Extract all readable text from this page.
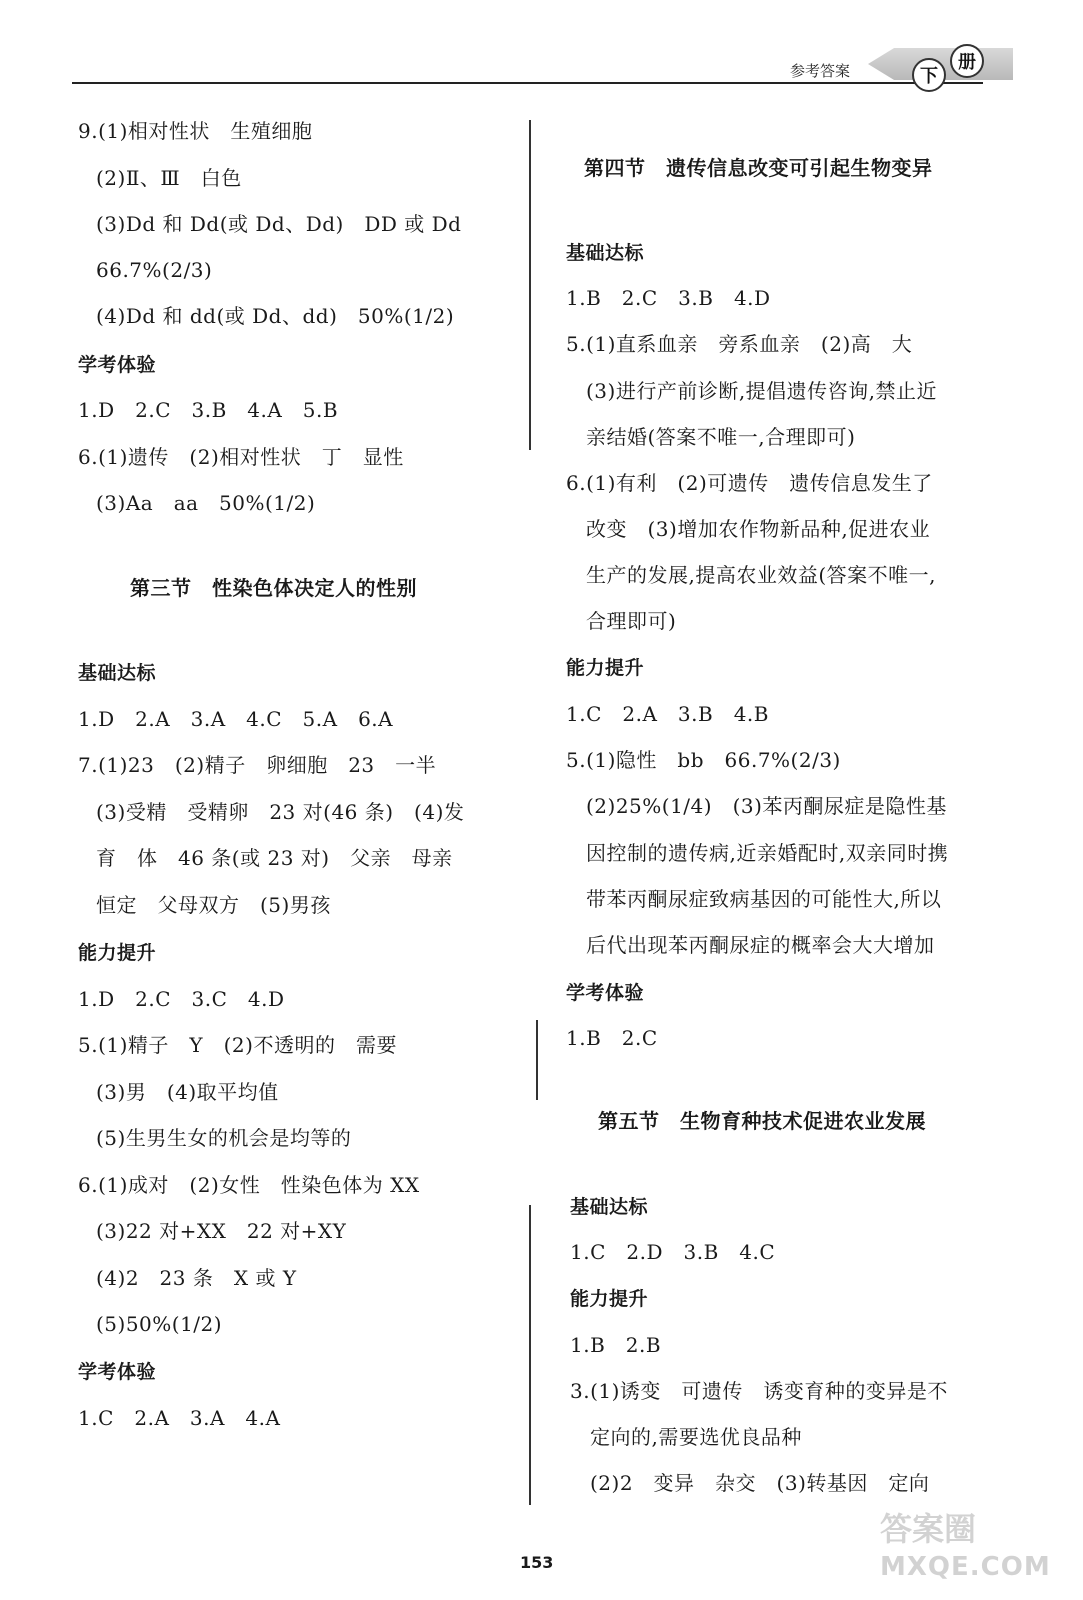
参考答案	下
册
9.(1)相对性状　生殖细胞
(2)Ⅱ、Ⅲ　白色
(3)Dd 和 Dd(或 Dd、Dd)　DD 或 Dd
66.7%(2/3)
(4)Dd 和 dd(或 Dd、dd)　50%(1/2)
学考体验
1.D　2.C　3.B　4.A　5.B
6.(1)遗传　(2)相对性状　丁　显性
(3)Aa　aa　50%(1/2)
第三节　性染色体决定人的性别
基础达标
1.D　2.A　3.A　4.C　5.A　6.A
7.(1)23　(2)精子　卵细胞　23　一半
(3)受精　受精卵　23 对(46 条)　(4)发
育　体　46 条(或 23 对)　父亲　母亲
恒定　父母双方　(5)男孩
能力提升
1.D　2.C　3.C　4.D
5.(1)精子　Y　(2)不透明的　需要
(3)男　(4)取平均值
(5)生男生女的机会是均等的
6.(1)成对　(2)女性　性染色体为 XX
(3)22 对+XX　22 对+XY
(4)2　23 条　X 或 Y
(5)50%(1/2)
学考体验
1.C　2.A　3.A　4.A
第四节　遗传信息改变可引起生物变异
基础达标
1.B　2.C　3.B　4.D
5.(1)直系血亲　旁系血亲　(2)高　大
(3)进行产前诊断,提倡遗传咨询,禁止近
亲结婚(答案不唯一,合理即可)
6.(1)有利　(2)可遗传　遗传信息发生了
改变　(3)增加农作物新品种,促进农业
生产的发展,提高农业效益(答案不唯一,
合理即可)
能力提升
1.C　2.A　3.B　4.B
5.(1)隐性　bb　66.7%(2/3)
(2)25%(1/4)　(3)苯丙酮尿症是隐性基
因控制的遗传病,近亲婚配时,双亲同时携
带苯丙酮尿症致病基因的可能性大,所以
后代出现苯丙酮尿症的概率会大大增加
学考体验
1.B　2.C
第五节　生物育种技术促进农业发展
基础达标
1.C　2.D　3.B　4.C
能力提升
1.B　2.B
3.(1)诱变　可遗传　诱变育种的变异是不
定向的,需要选优良品种
(2)2　变异　杂交　(3)转基因　定向
153
答案圈
MXQE.COM
